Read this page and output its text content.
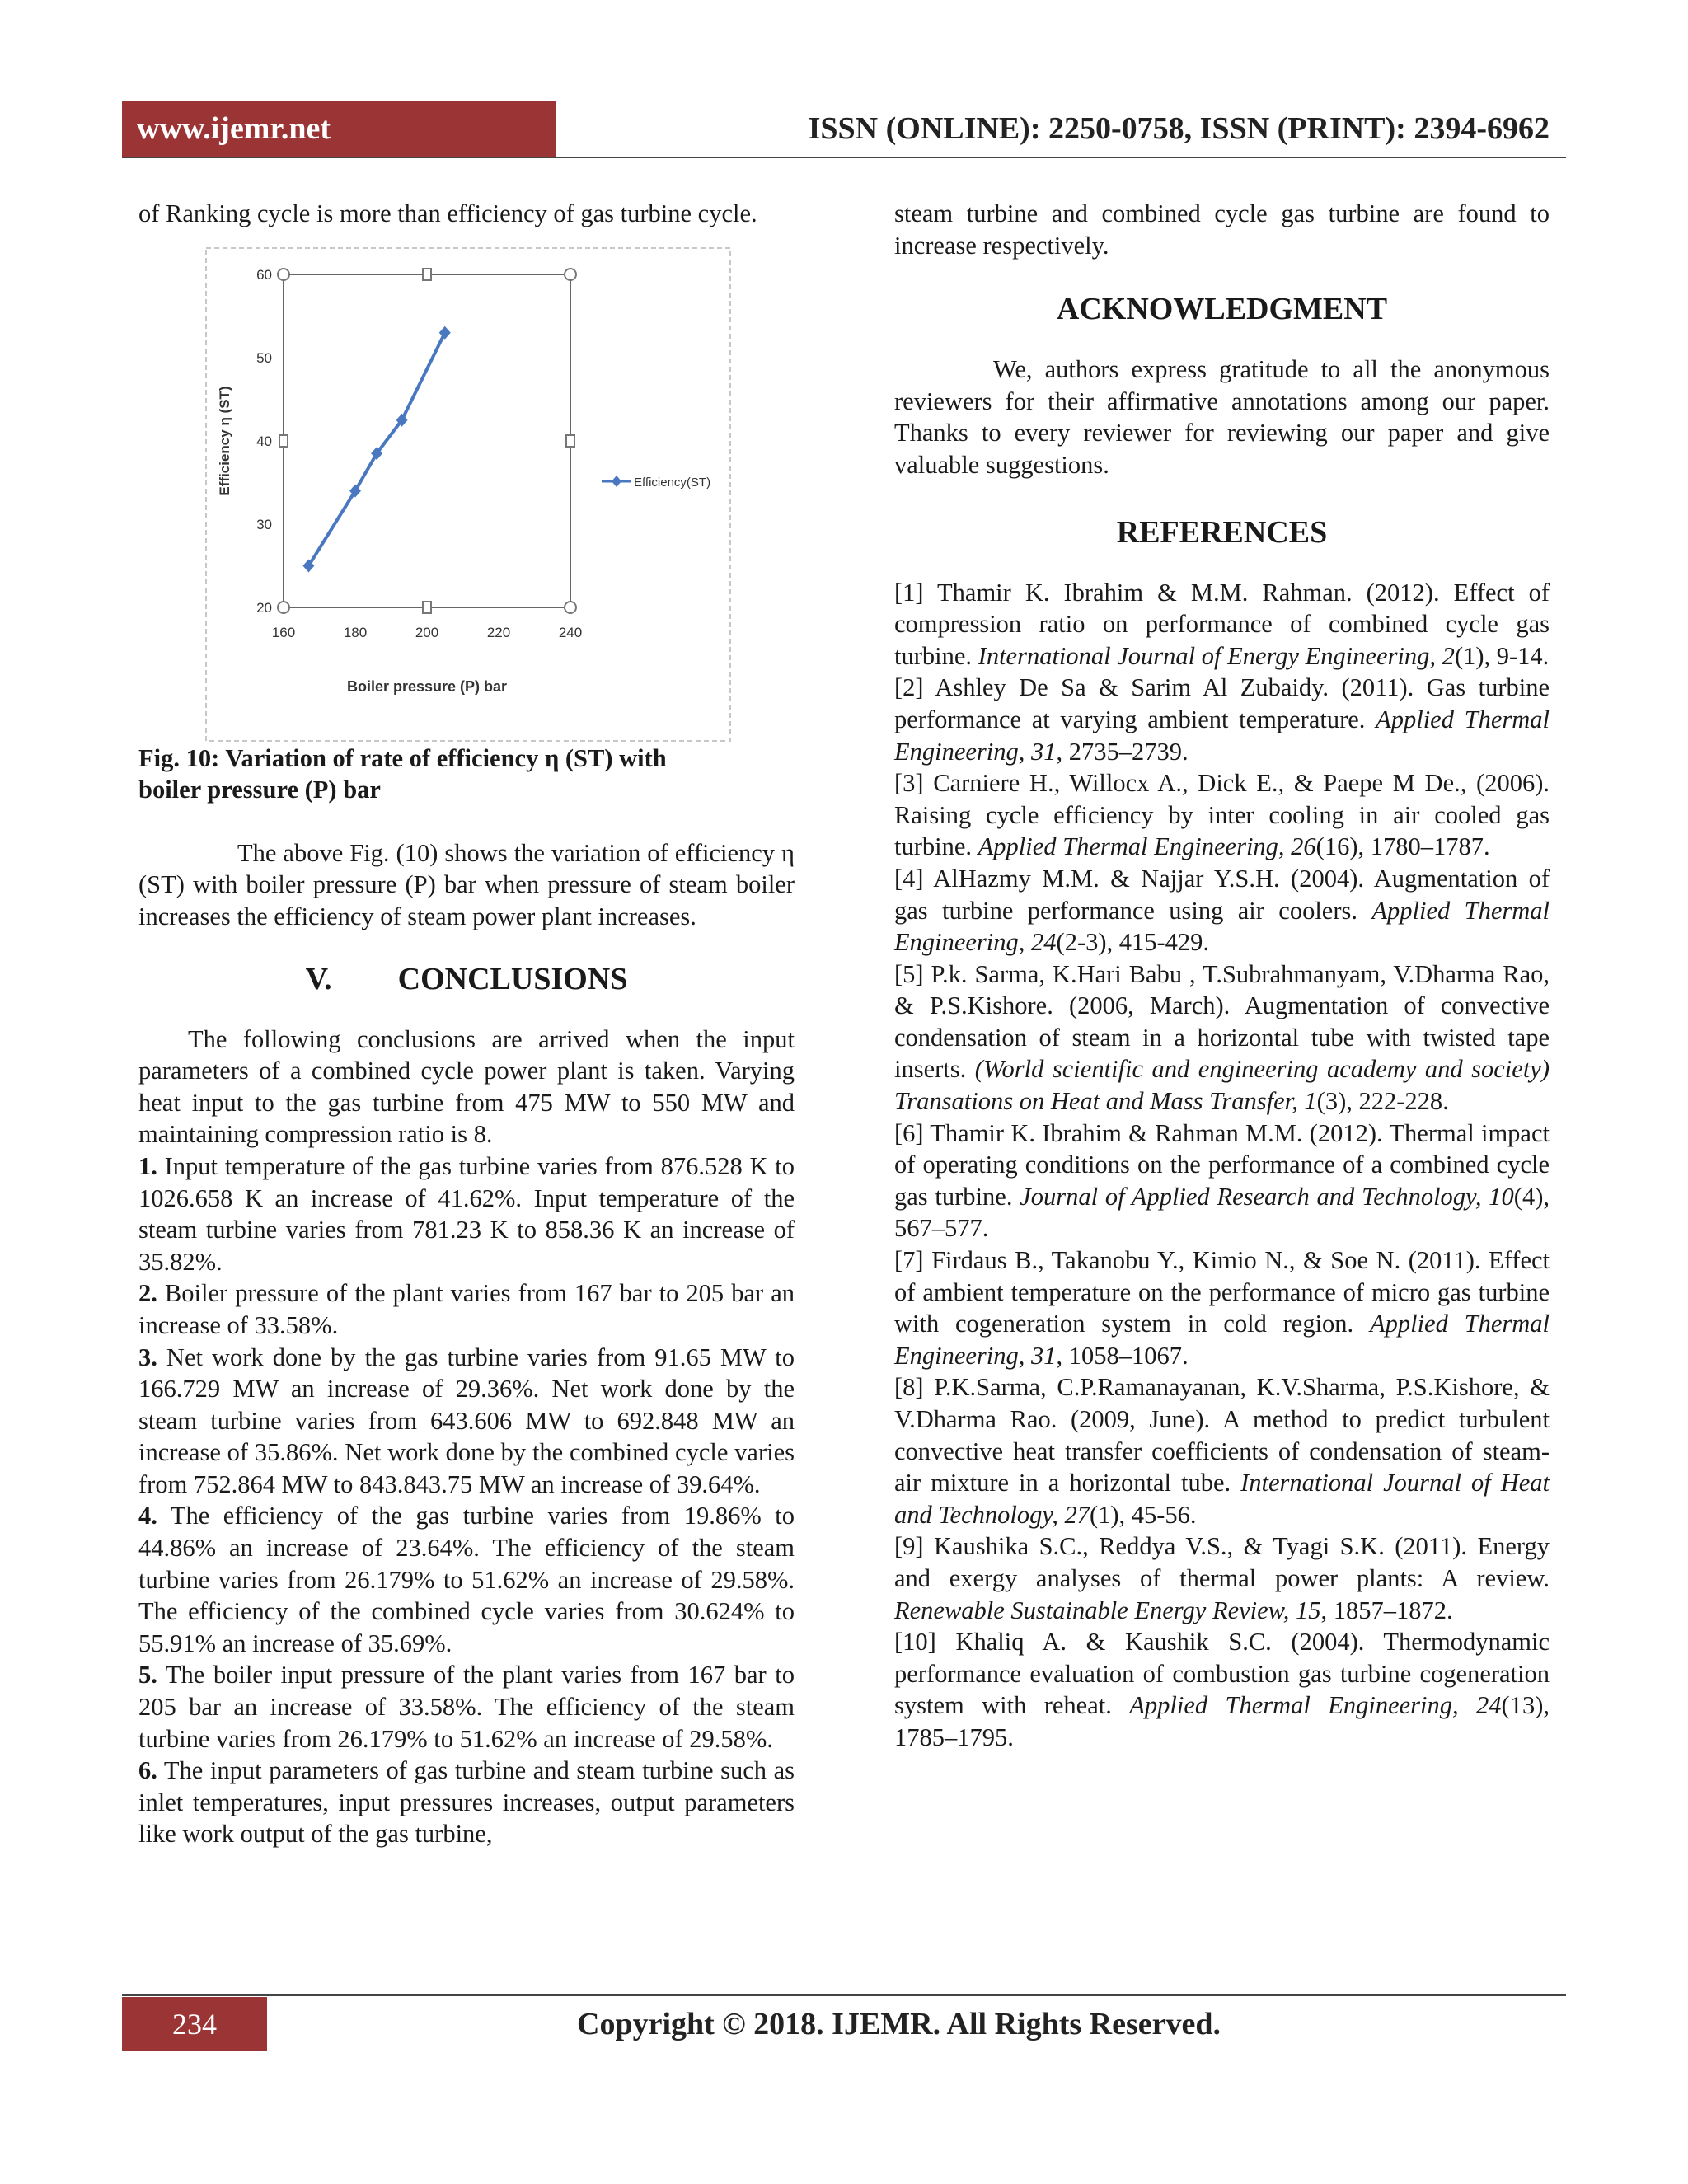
www.ijemr.net	ISSN (ONLINE): 2250-0758, ISSN (PRINT): 2394-6962

of Ranking cycle is more than efficiency of gas turbine cycle.

160	180	200	220	240
20
30
40
50
60
Efficiency(ST)
Efficiency η (ST)
Boiler pressure (P) bar

Fig. 10: Variation of rate of efficiency η (ST) with
boiler pressure (P) bar

The above Fig. (10) shows the variation of efficiency η (ST) with boiler pressure (P) bar when pressure of steam boiler increases the efficiency of steam power plant increases.

V. CONCLUSIONS

The following conclusions are arrived when the input parameters of a combined cycle power plant is taken. Varying heat input to the gas turbine from 475 MW to 550 MW and maintaining compression ratio is 8.

1. Input temperature of the gas turbine varies from 876.528 K to 1026.658 K an increase of 41.62%. Input temperature of the steam turbine varies from 781.23 K to 858.36 K an increase of 35.82%.

2. Boiler pressure of the plant varies from 167 bar to 205 bar an increase of 33.58%.

3. Net work done by the gas turbine varies from 91.65 MW to 166.729 MW an increase of 29.36%. Net work done by the steam turbine varies from 643.606 MW to 692.848 MW an increase of 35.86%. Net work done by the combined cycle varies from 752.864 MW to 843.843.75 MW an increase of 39.64%.

4. The efficiency of the gas turbine varies from 19.86% to 44.86% an increase of 23.64%. The efficiency of the steam turbine varies from 26.179% to 51.62% an increase of 29.58%. The efficiency of the combined cycle varies from 30.624% to 55.91% an increase of 35.69%.

5. The boiler input pressure of the plant varies from 167 bar to 205 bar an increase of 33.58%. The efficiency of the steam turbine varies from 26.179% to 51.62% an increase of 29.58%.

6. The input parameters of gas turbine and steam turbine such as inlet temperatures, input pressures increases, output parameters like work output of the gas turbine,

steam turbine and combined cycle gas turbine are found to increase respectively.

ACKNOWLEDGMENT

We, authors express gratitude to all the anonymous reviewers for their affirmative annotations among our paper. Thanks to every reviewer for reviewing our paper and give valuable suggestions.

REFERENCES

[1] Thamir K. Ibrahim & M.M. Rahman. (2012). Effect of compression ratio on performance of combined cycle gas turbine. International Journal of Energy Engineering, 2(1), 9-14.

[2] Ashley De Sa & Sarim Al Zubaidy. (2011). Gas turbine performance at varying ambient temperature. Applied Thermal Engineering, 31, 2735–2739.

[3] Carniere H., Willocx A., Dick E., & Paepe M De., (2006). Raising cycle efficiency by inter cooling in air cooled gas turbine. Applied Thermal Engineering, 26(16), 1780–1787.

[4] AlHazmy M.M. & Najjar Y.S.H. (2004). Augmentation of gas turbine performance using air coolers. Applied Thermal Engineering, 24(2-3), 415-429.

[5] P.k. Sarma, K.Hari Babu , T.Subrahmanyam, V.Dharma Rao, & P.S.Kishore. (2006, March). Augmentation of convective condensation of steam in a horizontal tube with twisted tape inserts. (World scientific and engineering academy and society) Transations on Heat and Mass Transfer, 1(3), 222-228.

[6] Thamir K. Ibrahim & Rahman M.M. (2012). Thermal impact of operating conditions on the performance of a combined cycle gas turbine. Journal of Applied Research and Technology, 10(4), 567–577.

[7] Firdaus B., Takanobu Y., Kimio N., & Soe N. (2011). Effect of ambient temperature on the performance of micro gas turbine with cogeneration system in cold region. Applied Thermal Engineering, 31, 1058–1067.

[8] P.K.Sarma, C.P.Ramanayanan, K.V.Sharma, P.S.Kishore, & V.Dharma Rao. (2009, June). A method to predict turbulent convective heat transfer coefficients of condensation of steam-air mixture in a horizontal tube. International Journal of Heat and Technology, 27(1), 45-56.

[9] Kaushika S.C., Reddya V.S., & Tyagi S.K. (2011). Energy and exergy analyses of thermal power plants: A review. Renewable Sustainable Energy Review, 15, 1857–1872.

[10] Khaliq A. & Kaushik S.C. (2004). Thermodynamic performance evaluation of combustion gas turbine cogeneration system with reheat. Applied Thermal Engineering, 24(13), 1785–1795.

234	Copyright © 2018. IJEMR. All Rights Reserved.
